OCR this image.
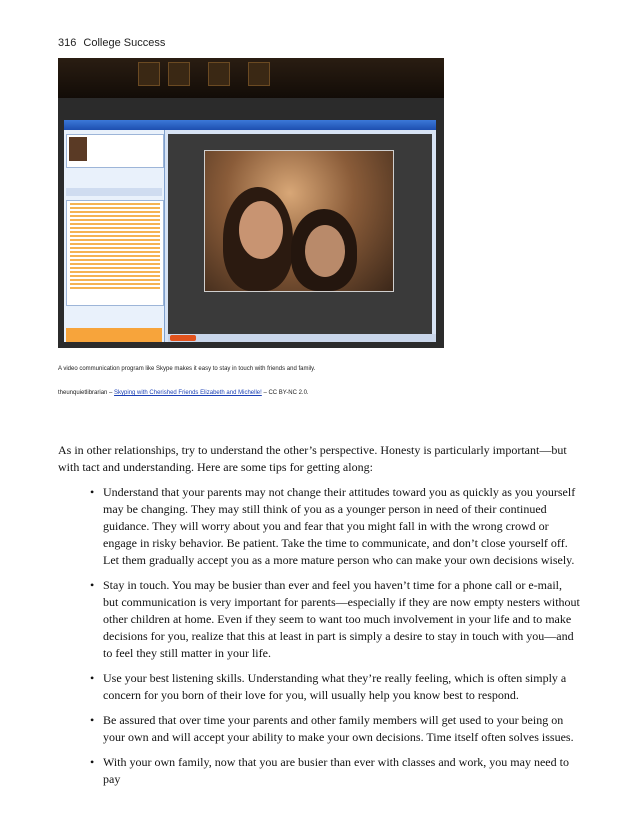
316 College Success
A video communication program like Skype makes it easy to stay in touch with friends and family.
theunquietlibrarian – Skyping with Cherished Friends Elizabeth and Michelle! – CC BY-NC 2.0.

As in other relationships, try to understand the other’s perspective. Honesty is particularly important—but with tact and understanding. Here are some tips for getting along:

• Understand that your parents may not change their attitudes toward you as quickly as you yourself may be changing. They may still think of you as a younger person in need of their continued guidance. They will worry about you and fear that you might fall in with the wrong crowd or engage in risky behavior. Be patient. Take the time to communicate, and don’t close yourself off. Let them gradually accept you as a more mature person who can make your own decisions wisely.
• Stay in touch. You may be busier than ever and feel you haven’t time for a phone call or e-mail, but communication is very important for parents—especially if they are now empty nesters without other children at home. Even if they seem to want too much involvement in your life and to make decisions for you, realize that this at least in part is simply a desire to stay in touch with you—and to feel they still matter in your life.
• Use your best listening skills. Understanding what they’re really feeling, which is often simply a concern for you born of their love for you, will usually help you know best to respond.
• Be assured that over time your parents and other family members will get used to your being on your own and will accept your ability to make your own decisions. Time itself often solves issues.
• With your own family, now that you are busier than ever with classes and work, you may need to pay
